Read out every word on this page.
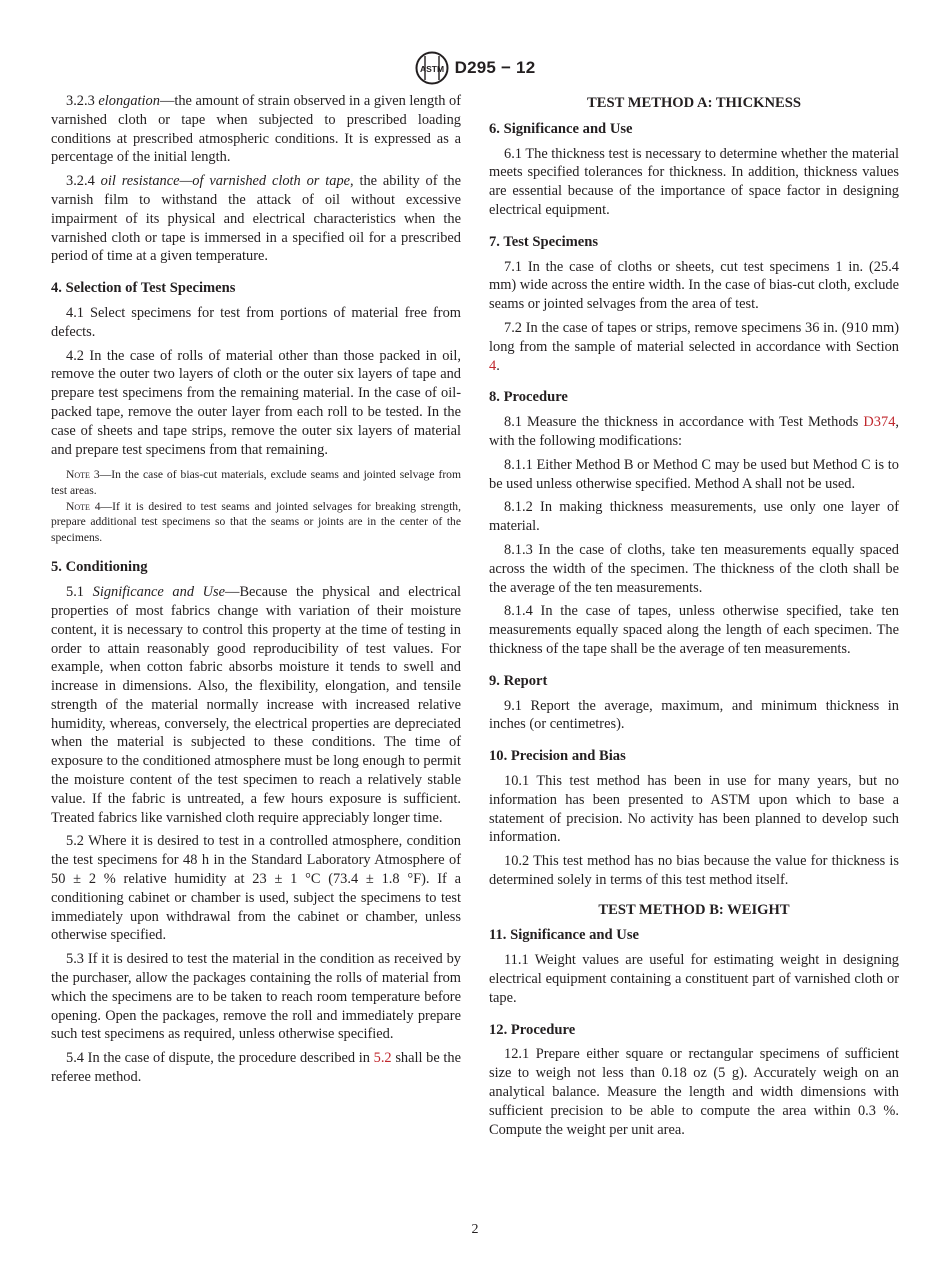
ASTM D295 − 12

3.2.3 elongation—the amount of strain observed in a given length of varnished cloth or tape when subjected to prescribed loading conditions at prescribed atmospheric conditions. It is expressed as a percentage of the initial length.

3.2.4 oil resistance—of varnished cloth or tape, the ability of the varnish film to withstand the attack of oil without excessive impairment of its physical and electrical characteristics when the varnished cloth or tape is immersed in a specified oil for a prescribed period of time at a given temperature.

4. Selection of Test Specimens

4.1 Select specimens for test from portions of material free from defects.

4.2 In the case of rolls of material other than those packed in oil, remove the outer two layers of cloth or the outer six layers of tape and prepare test specimens from the remaining material. In the case of oil-packed tape, remove the outer layer from each roll to be tested. In the case of sheets and tape strips, remove the outer six layers of material and prepare test specimens from that remaining.

Note 3—In the case of bias-cut materials, exclude seams and jointed selvage from test areas.
Note 4—If it is desired to test seams and jointed selvages for breaking strength, prepare additional test specimens so that the seams or joints are in the center of the specimens.
5. Conditioning

5.1 Significance and Use—Because the physical and electrical properties of most fabrics change with variation of their moisture content, it is necessary to control this property at the time of testing in order to attain reasonably good reproducibility of test values. For example, when cotton fabric absorbs moisture it tends to swell and increase in dimensions. Also, the flexibility, elongation, and tensile strength of the material normally increase with increased relative humidity, whereas, conversely, the electrical properties are depreciated when the material is subjected to these conditions. The time of exposure to the conditioned atmosphere must be long enough to permit the moisture content of the test specimen to reach a relatively stable value. If the fabric is untreated, a few hours exposure is sufficient. Treated fabrics like varnished cloth require appreciably longer time.

5.2 Where it is desired to test in a controlled atmosphere, condition the test specimens for 48 h in the Standard Laboratory Atmosphere of 50 ± 2 % relative humidity at 23 ± 1 °C (73.4 ± 1.8 °F). If a conditioning cabinet or chamber is used, subject the specimens to test immediately upon withdrawal from the cabinet or chamber, unless otherwise specified.

5.3 If it is desired to test the material in the condition as received by the purchaser, allow the packages containing the rolls of material from which the specimens are to be taken to reach room temperature before opening. Open the packages, remove the roll and immediately prepare such test specimens as required, unless otherwise specified.

5.4 In the case of dispute, the procedure described in 5.2 shall be the referee method.

TEST METHOD A: THICKNESS
6. Significance and Use

6.1 The thickness test is necessary to determine whether the material meets specified tolerances for thickness. In addition, thickness values are essential because of the importance of space factor in designing electrical equipment.

7. Test Specimens

7.1 In the case of cloths or sheets, cut test specimens 1 in. (25.4 mm) wide across the entire width. In the case of bias-cut cloth, exclude seams or jointed selvages from the area of test.

7.2 In the case of tapes or strips, remove specimens 36 in. (910 mm) long from the sample of material selected in accordance with Section 4.

8. Procedure

8.1 Measure the thickness in accordance with Test Methods D374, with the following modifications:

8.1.1 Either Method B or Method C may be used but Method C is to be used unless otherwise specified. Method A shall not be used.

8.1.2 In making thickness measurements, use only one layer of material.

8.1.3 In the case of cloths, take ten measurements equally spaced across the width of the specimen. The thickness of the cloth shall be the average of the ten measurements.

8.1.4 In the case of tapes, unless otherwise specified, take ten measurements equally spaced along the length of each specimen. The thickness of the tape shall be the average of ten measurements.

9. Report

9.1 Report the average, maximum, and minimum thickness in inches (or centimetres).

10. Precision and Bias

10.1 This test method has been in use for many years, but no information has been presented to ASTM upon which to base a statement of precision. No activity has been planned to develop such information.

10.2 This test method has no bias because the value for thickness is determined solely in terms of this test method itself.

TEST METHOD B: WEIGHT
11. Significance and Use

11.1 Weight values are useful for estimating weight in designing electrical equipment containing a constituent part of varnished cloth or tape.

12. Procedure

12.1 Prepare either square or rectangular specimens of sufficient size to weigh not less than 0.18 oz (5 g). Accurately weigh on an analytical balance. Measure the length and width dimensions with sufficient precision to be able to compute the area within 0.3 %. Compute the weight per unit area.

2
